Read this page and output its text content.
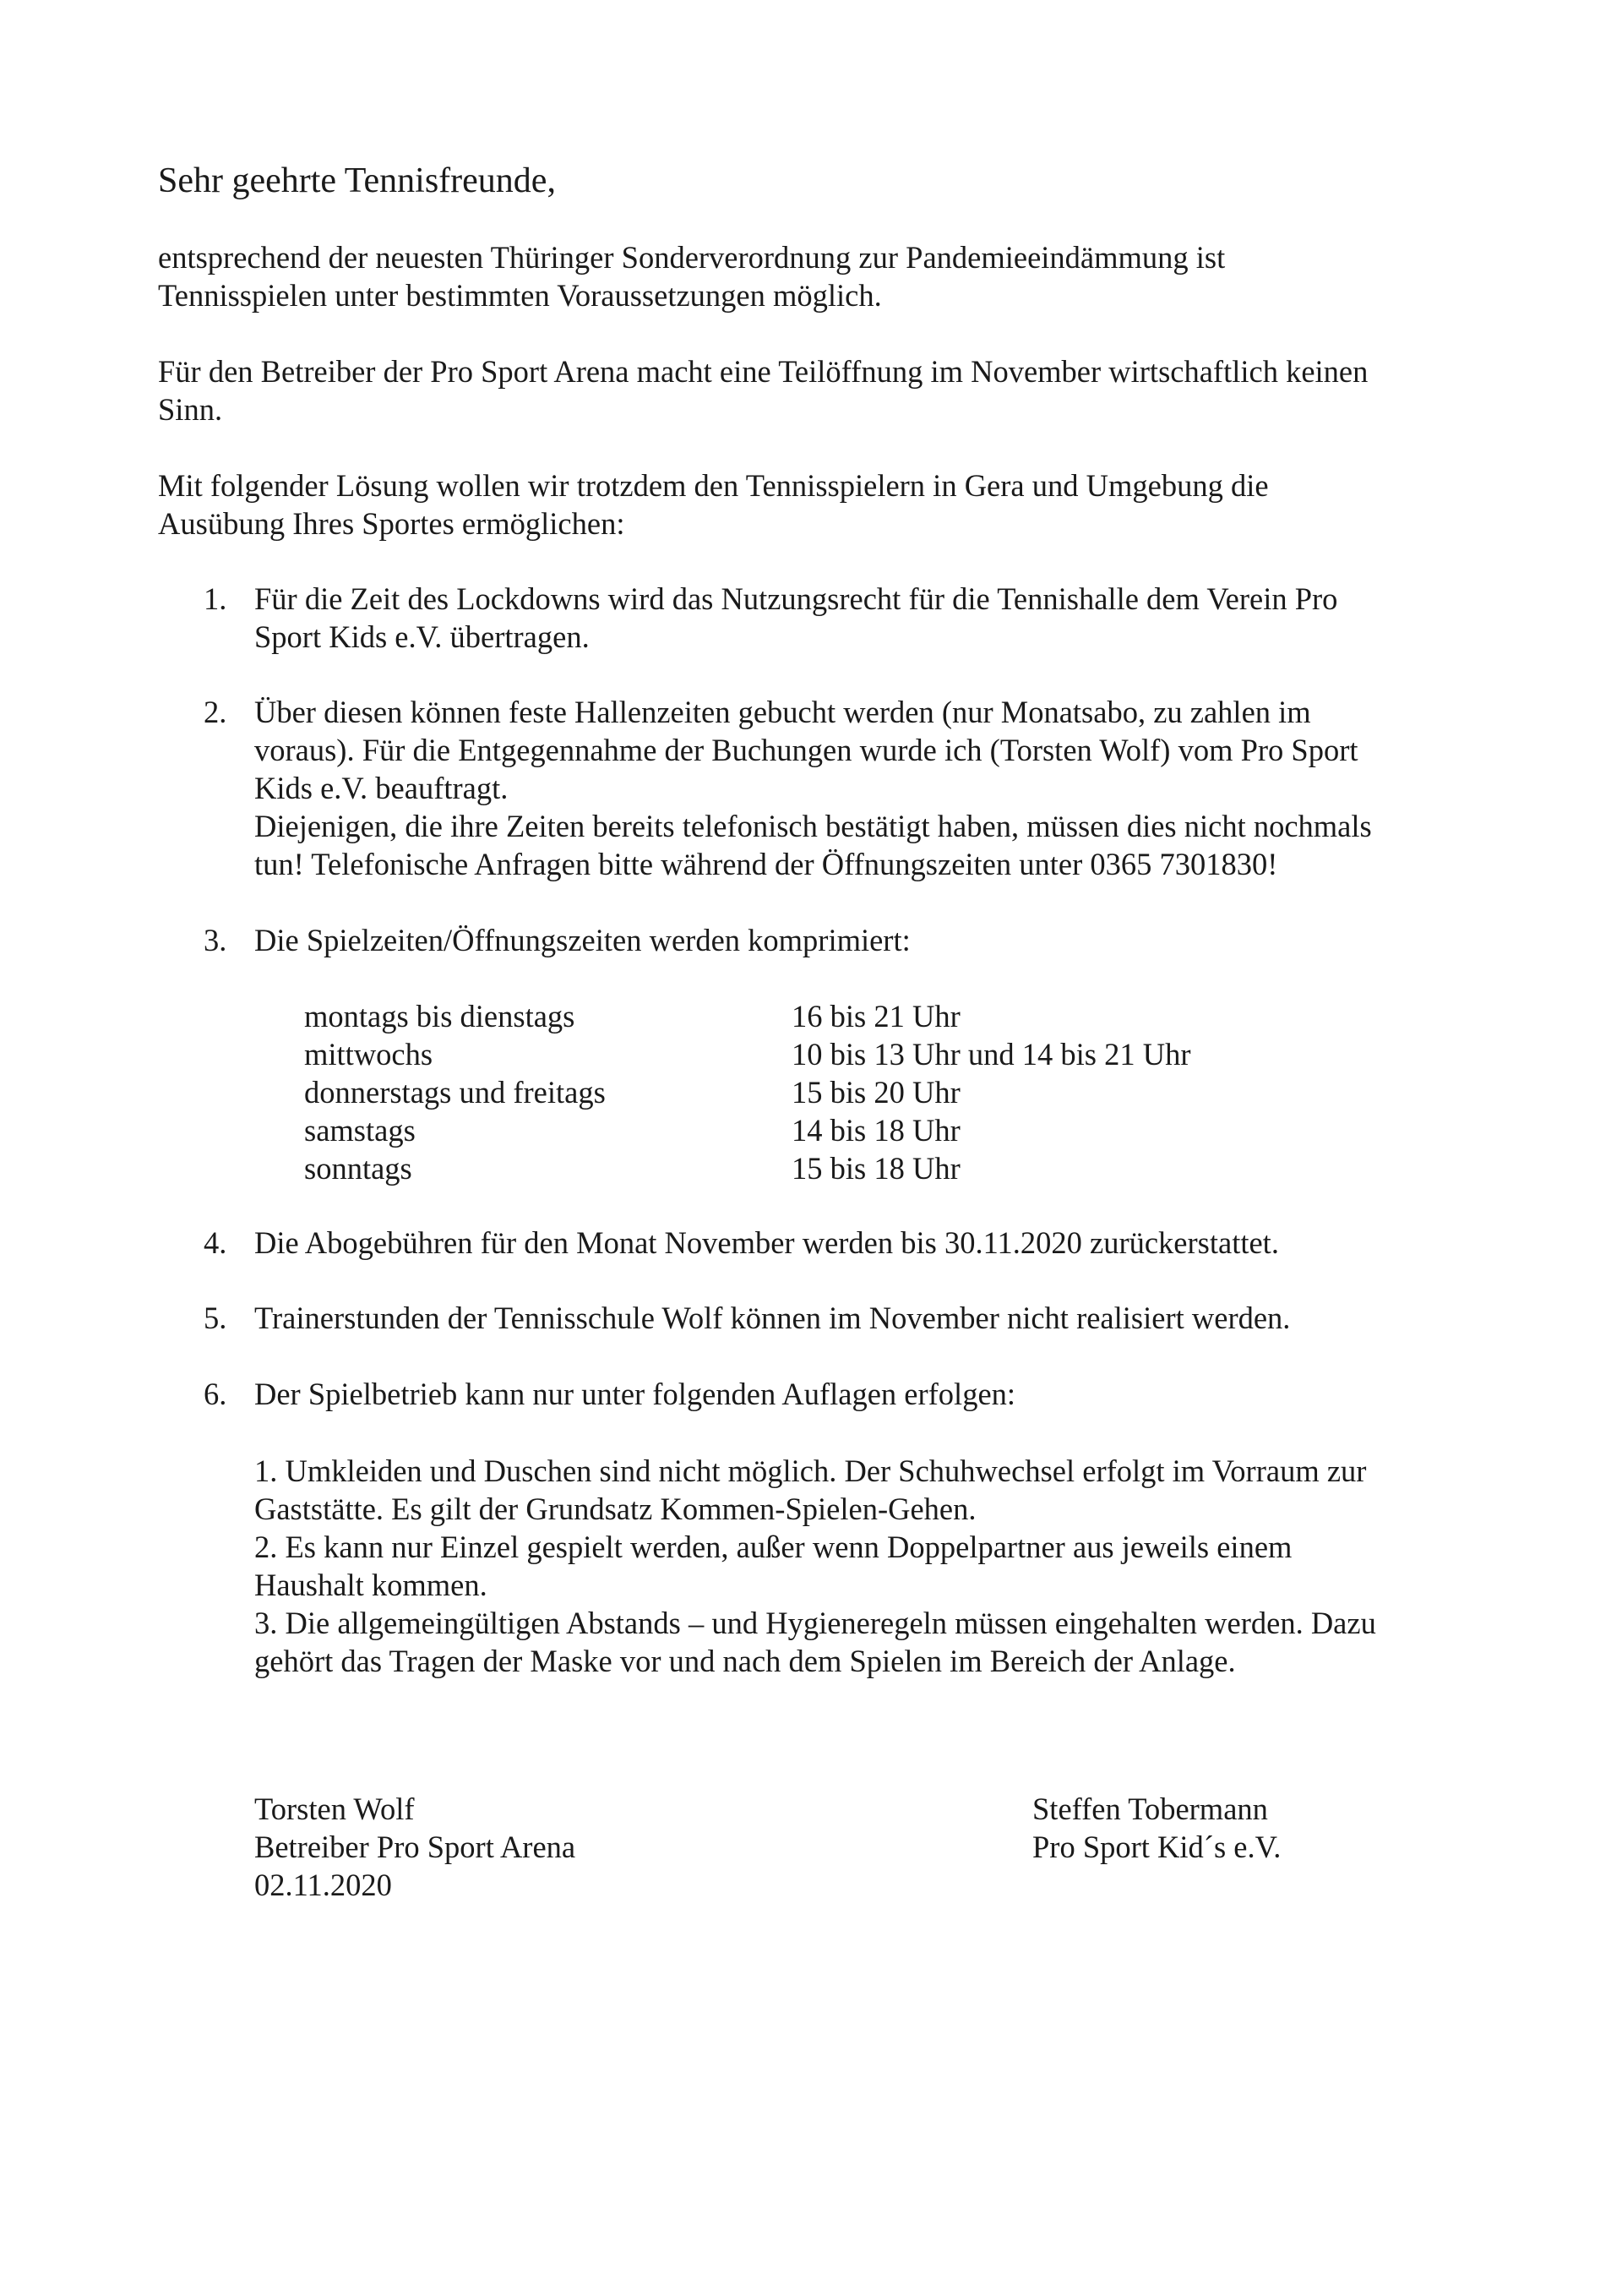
Sehr geehrte Tennisfreunde,

entsprechend der neuesten Thüringer Sonderverordnung zur Pandemieeindämmung ist
Tennisspielen unter bestimmten Voraussetzungen möglich.

Für den Betreiber der Pro Sport Arena macht eine Teilöffnung im November wirtschaftlich keinen
Sinn.

Mit folgender Lösung wollen wir trotzdem den Tennisspielern in Gera und Umgebung die
Ausübung Ihres Sportes ermöglichen:

1. Für die Zeit des Lockdowns wird das Nutzungsrecht für die Tennishalle dem Verein Pro
Sport Kids e.V. übertragen.
2. Über diesen können feste Hallenzeiten gebucht werden (nur Monatsabo, zu zahlen im
voraus). Für die Entgegennahme der Buchungen wurde ich (Torsten Wolf) vom Pro Sport
Kids e.V. beauftragt.
Diejenigen, die ihre Zeiten bereits telefonisch bestätigt haben, müssen dies nicht nochmals
tun! Telefonische Anfragen bitte während der Öffnungszeiten unter 0365 7301830!
3. Die Spielzeiten/Öffnungszeiten werden komprimiert:
montags bis dienstags	16 bis 21 Uhr
mittwochs	10 bis 13 Uhr und 14 bis 21 Uhr
donnerstags und freitags	15 bis 20 Uhr
samstags	14 bis 18 Uhr
sonntags	15 bis 18 Uhr
4. Die Abogebühren für den Monat November werden bis 30.11.2020 zurückerstattet.
5. Trainerstunden der Tennisschule Wolf können im November nicht realisiert werden.
6. Der Spielbetrieb kann nur unter folgenden Auflagen erfolgen:
1. Umkleiden und Duschen sind nicht möglich. Der Schuhwechsel erfolgt im Vorraum zur
Gaststätte. Es gilt der Grundsatz Kommen-Spielen-Gehen.
2. Es kann nur Einzel gespielt werden, außer wenn Doppelpartner aus jeweils einem
Haushalt kommen.
3. Die allgemeingültigen Abstands – und Hygieneregeln müssen eingehalten werden. Dazu
gehört das Tragen der Maske vor und nach dem Spielen im Bereich der Anlage.
Torsten Wolf
Betreiber Pro Sport Arena
02.11.2020
Steffen Tobermann
Pro Sport Kid´s e.V.
